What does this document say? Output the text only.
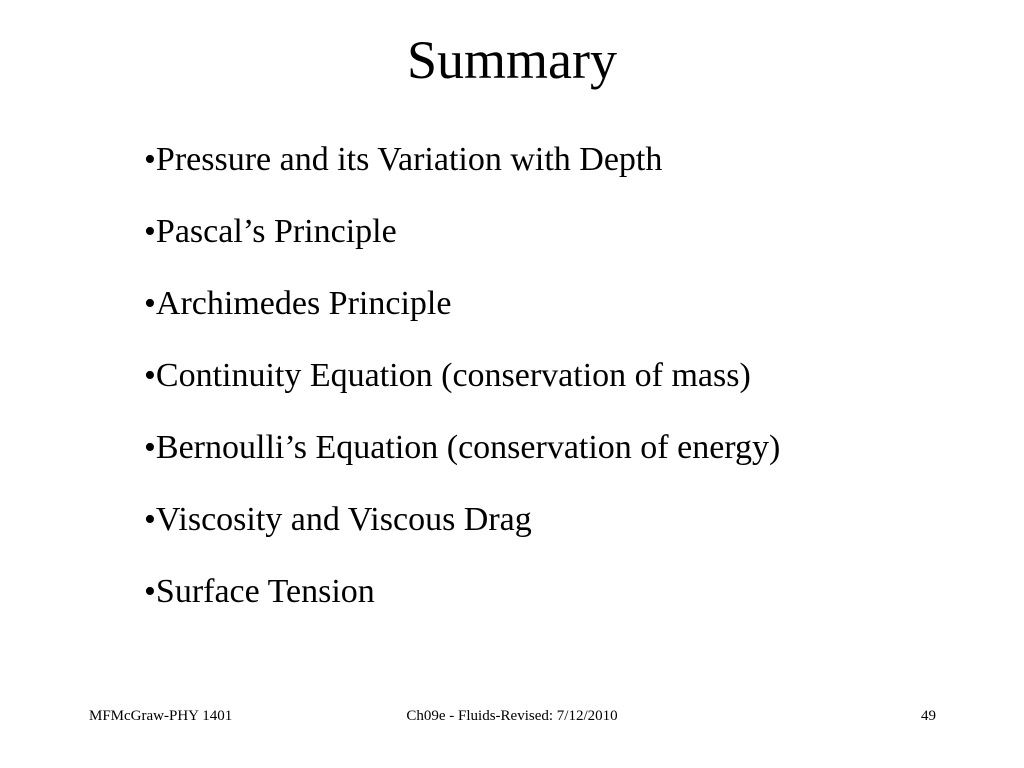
Summary
•Pressure and its Variation with Depth
•Pascal’s Principle
•Archimedes Principle
•Continuity Equation (conservation of mass)
•Bernoulli’s Equation (conservation of energy)
•Viscosity and Viscous Drag
•Surface Tension
MFMcGraw-PHY 1401	Ch09e - Fluids-Revised: 7/12/2010	49
